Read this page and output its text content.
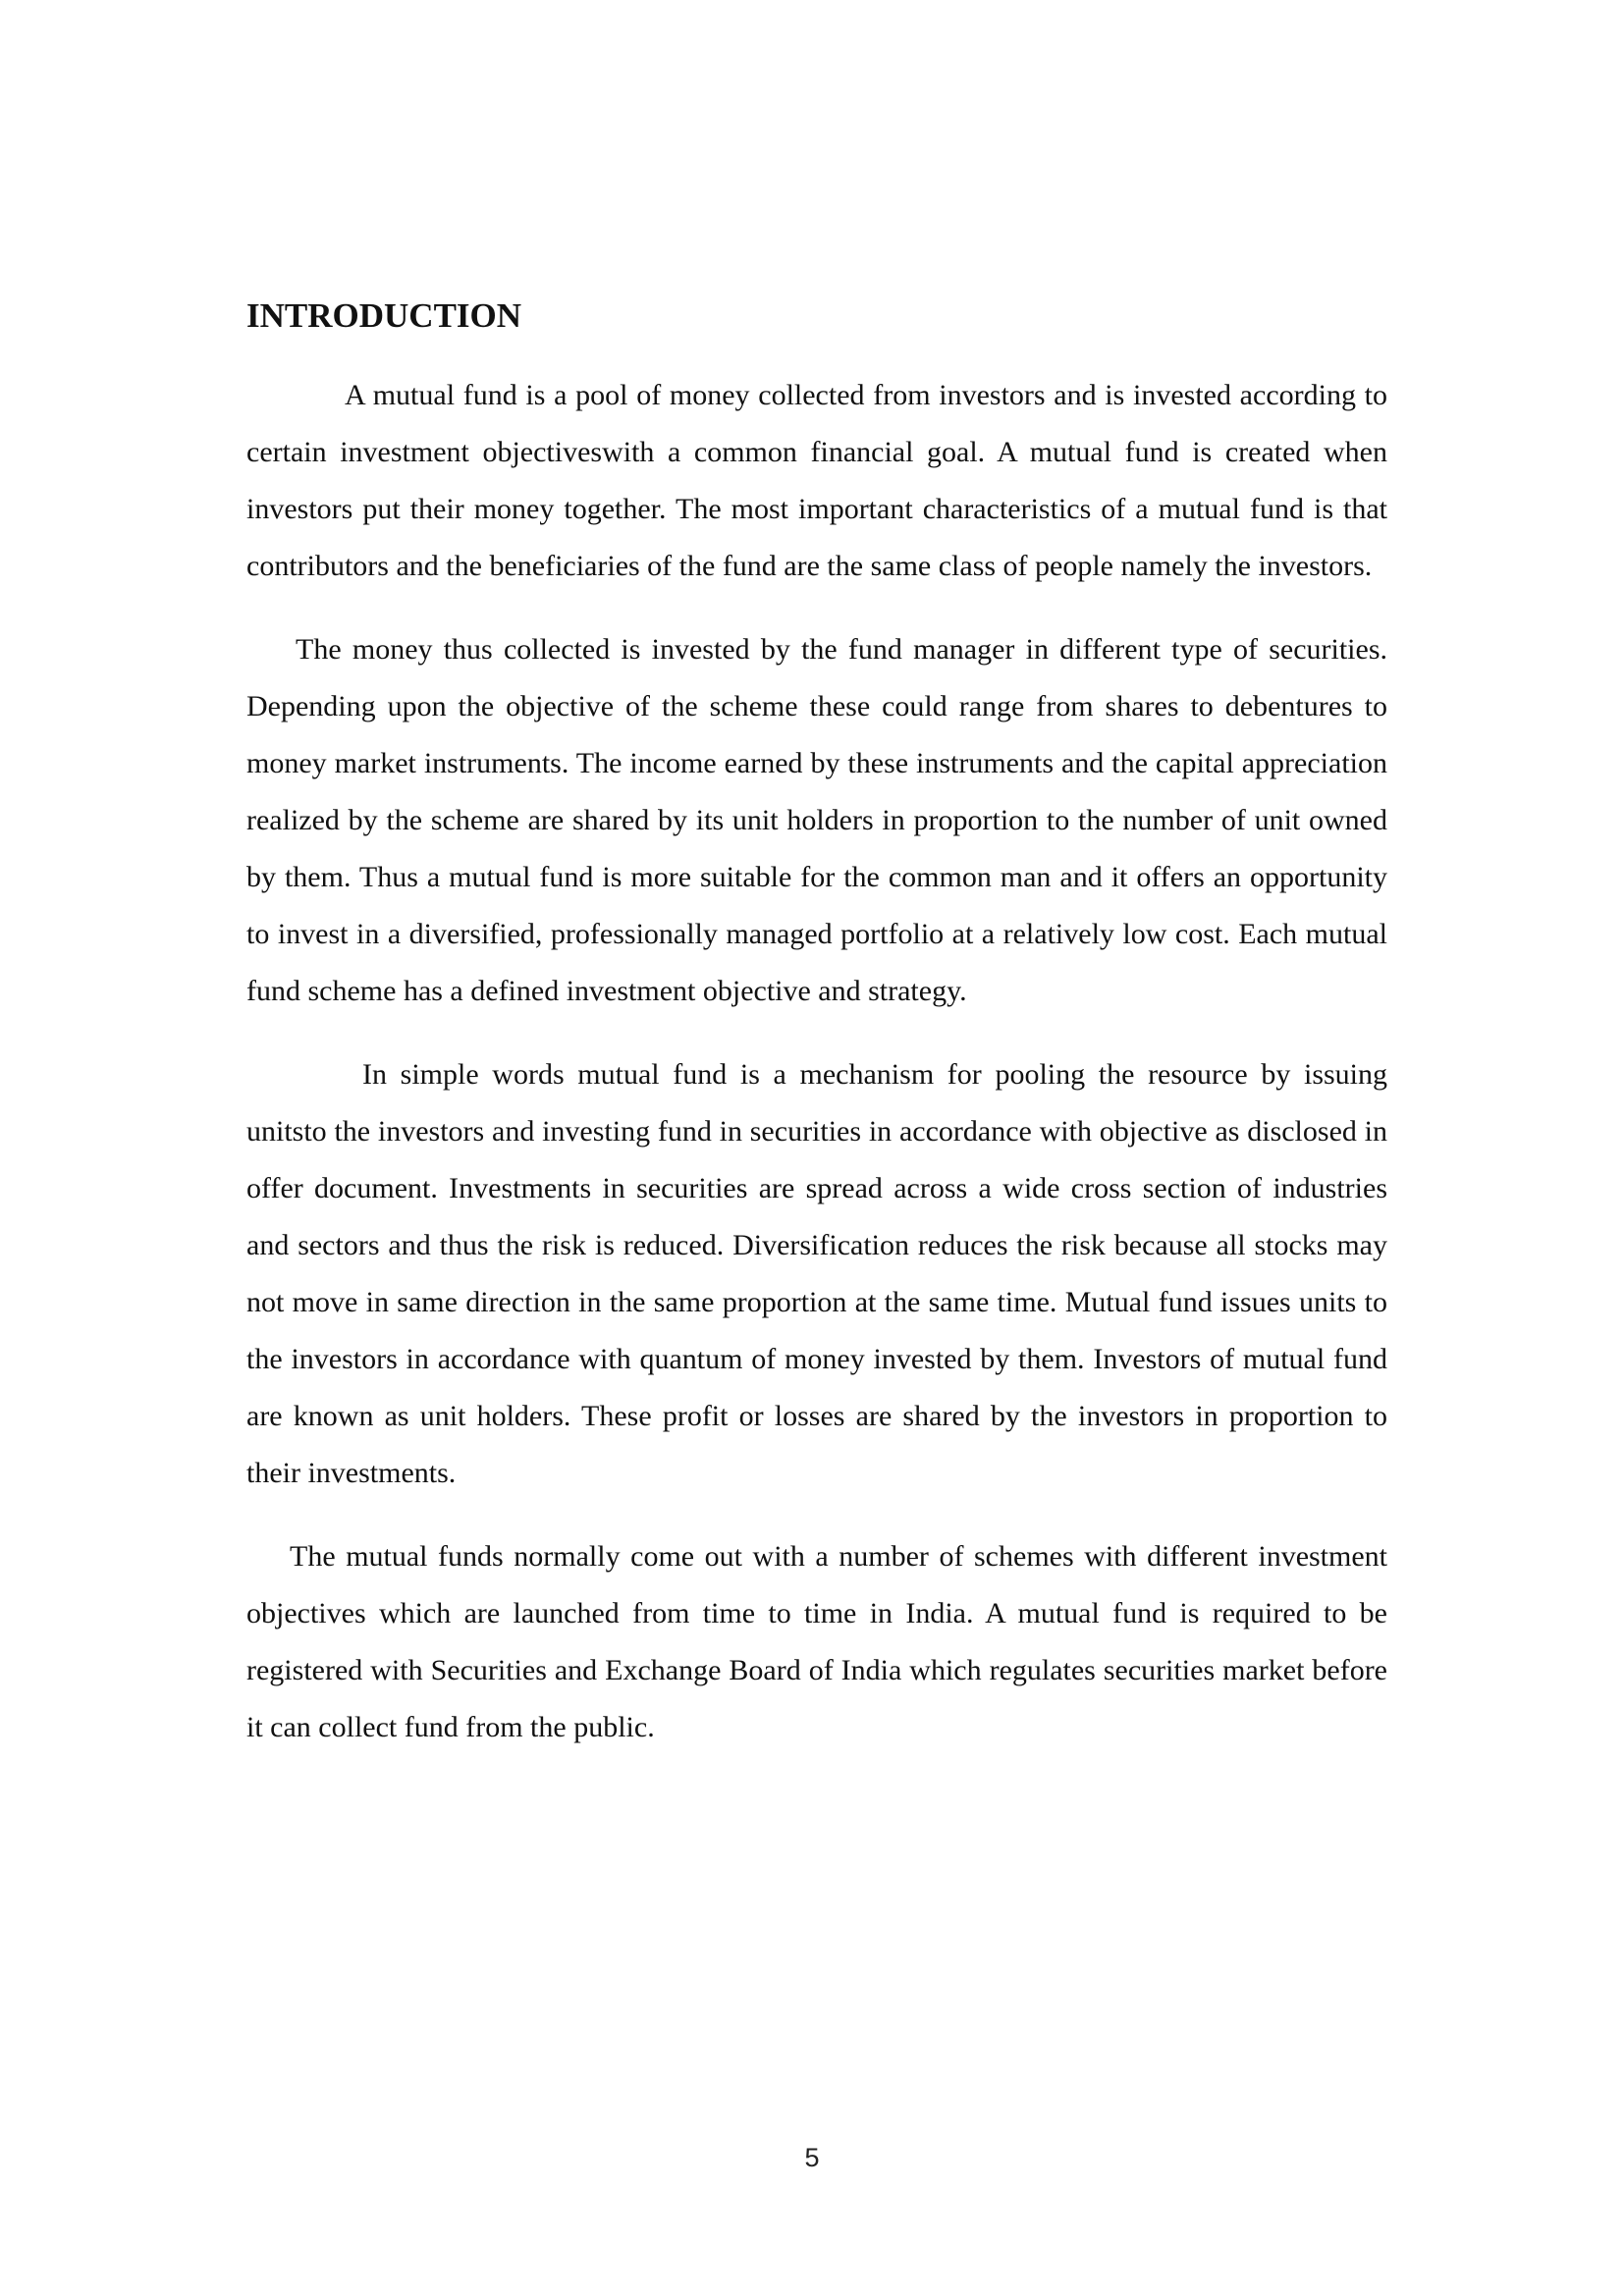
INTRODUCTION

A mutual fund is a pool of money collected from investors and is invested according to certain investment objectiveswith a common financial goal. A mutual fund is created when investors put their money together. The most important characteristics of a mutual fund is that contributors and the beneficiaries of the fund are the same class of people namely the investors.

The money thus collected is invested by the fund manager in different type of securities. Depending upon the objective of the scheme these could range from shares to debentures to money market instruments. The income earned by these instruments and the capital appreciation realized by the scheme are shared by its unit holders in proportion to the number of unit owned by them. Thus a mutual fund is more suitable for the common man and it offers an opportunity to invest in a diversified, professionally managed portfolio at a relatively low cost. Each mutual fund scheme has a defined investment objective and strategy.

In simple words mutual fund is a mechanism for pooling the resource by issuing unitsto the investors and investing fund in securities in accordance with objective as disclosed in offer document. Investments in securities are spread across a wide cross section of industries and sectors and thus the risk is reduced. Diversification reduces the risk because all stocks may not move in same direction in the same proportion at the same time. Mutual fund issues units to the investors in accordance with quantum of money invested by them. Investors of mutual fund are known as unit holders. These profit or losses are shared by the investors in proportion to their investments.

The mutual funds normally come out with a number of schemes with different investment objectives which are launched from time to time in India. A mutual fund is required to be registered with Securities and Exchange Board of India which regulates securities market before it can collect fund from the public.

5
